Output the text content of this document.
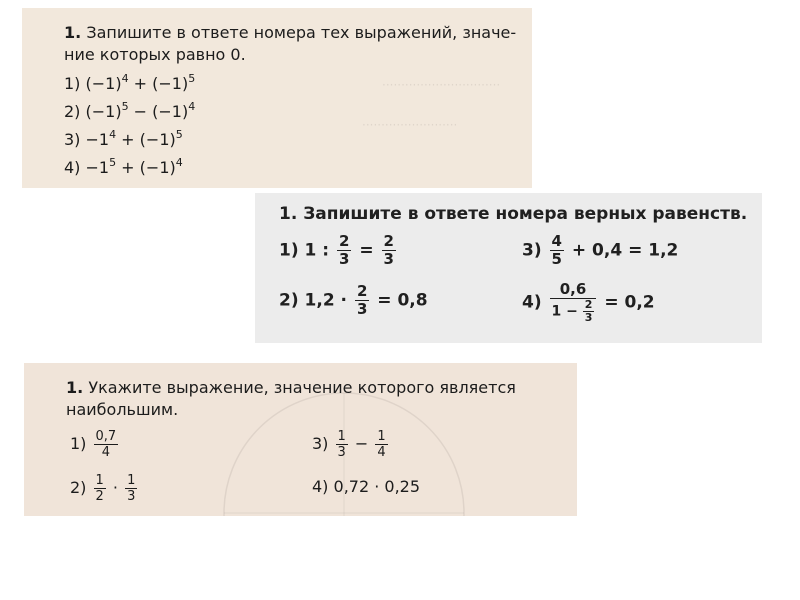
·······························
·························
1. Запишите в ответе номера тех выражений, значе-
ние которых равно 0.
1) $(-1)^4 + (-1)^5$
2) $(-1)^5 - (-1)^4$
$3) -1^4 + (-1)^5$
$4) -1^5 + (-1)^4$
1. Запишите в ответе номера верных равенств.
1) 1 : $\frac{2}{3} = \frac{2}{3}$
2) $1,2 \cdot \frac{2}{3} = 0,8$
$3) \frac{4}{5} + 0,4 = 1,2$
$4) \frac{0,6}{1 - \frac{2}{3}} = 0,2$
1. Укажите выражение, значение которого является
наибольшим.
$1) \frac{0,7}{4}$
$2) \frac{1}{2} \cdot \frac{1}{3}$
$3) \frac{1}{3} - \frac{1}{4}$
4) 0,72 · 0,25
